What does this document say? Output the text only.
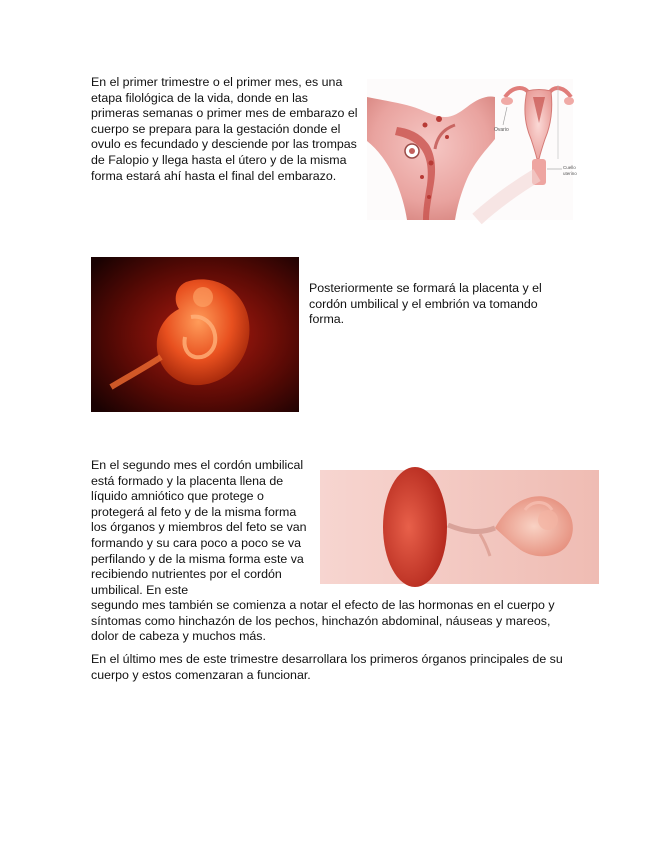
En el primer trimestre o el primer mes, es una etapa filológica de la vida, donde en las primeras semanas o primer mes de embarazo el cuerpo se prepara para la gestación donde el ovulo es fecundado y desciende por las trompas de Falopio y llega hasta el útero y de la misma forma estará ahí hasta el final del embarazo.

Ovario
Cuello
uterino

Posteriormente se formará la placenta y el cordón umbilical y el embrión va tomando forma.

En el segundo mes el cordón umbilical está formado y la placenta llena de líquido amniótico que protege o protegerá al feto y de la misma forma los órganos y miembros del feto se van formando y su cara poco a poco se va perfilando y de la misma forma este va recibiendo nutrientes por el cordón umbilical. En este

segundo mes también se comienza a notar el efecto de las hormonas en el cuerpo y síntomas como hinchazón de los pechos, hinchazón abdominal, náuseas y mareos, dolor de cabeza y muchos más.

En el último mes de este trimestre desarrollara los primeros órganos principales de su cuerpo y estos comenzaran a funcionar.
